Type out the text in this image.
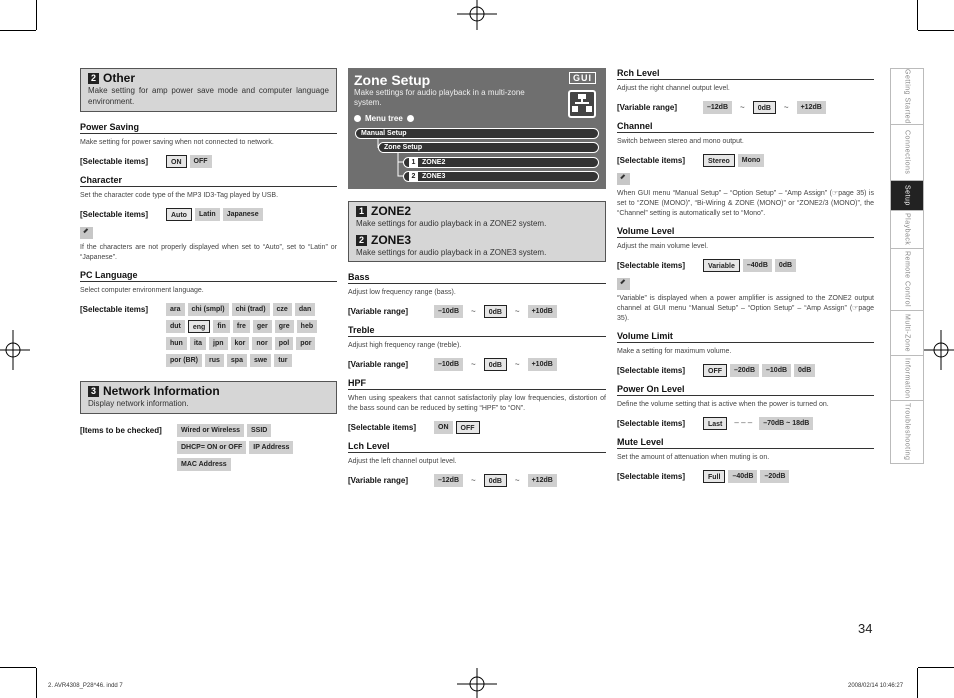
2 Other
Make setting for amp power save mode and computer language environment.
Power Saving
Make setting for power saving when not connected to network.
[Selectable items]	ON	OFF
Character
Set the character code type of the MP3 ID3-Tag played by USB.
[Selectable items]	Auto	Latin	Japanese
If the characters are not properly displayed when set to “Auto”, set to “Latin” or “Japanese”.
PC Language
Select computer environment language.
[Selectable items]	ara	chi (smpl)	chi (trad)	cze	dan
dut	eng	fin	fre	ger	gre	heb
hun	ita	jpn	kor	nor	pol	por
por (BR)	rus	spa	swe	tur
3 Network Information
Display network information.
[Items to be checked]	Wired or Wireless	SSID
DHCP= ON or OFF	IP Address
MAC Address
Zone Setup
Make settings for audio playback in a multi-zone system.
GUI
Menu tree
Manual Setup
Zone Setup
1 ZONE2
2 ZONE3
1 ZONE2
Make settings for audio playback in a ZONE2 system.
2 ZONE3
Make settings for audio playback in a ZONE3 system.
Bass
Adjust low frequency range (bass).
[Variable range]	–10dB	~	0dB	~	+10dB
Treble
Adjust high frequency range (treble).
[Variable range]	–10dB	~	0dB	~	+10dB
HPF
When using speakers that cannot satisfactorily play low frequencies, distortion of the bass sound can be reduced by setting “HPF” to “ON”.
[Selectable items]	ON	OFF
Lch Level
Adjust the left channel output level.
[Variable range]	–12dB	~	0dB	~	+12dB
Rch Level
Adjust the right channel output level.
[Variable range]	–12dB	~	0dB	~	+12dB
Channel
Switch between stereo and mono output.
[Selectable items]	Stereo	Mono
When GUI menu “Manual Setup” – “Option Setup” – “Amp Assign” (☞page 35) is set to “ZONE (MONO)”, “Bi-Wiring & ZONE (MONO)” or “ZONE2/3 (MONO)”, the “Channel” setting is automatically set to “Mono”.
Volume Level
Adjust the main volume level.
[Selectable items]	Variable	–40dB	0dB
“Variable” is displayed when a power amplifier is assigned to the ZONE2 output channel at GUI menu “Manual Setup” – “Option Setup” – “Amp Assign” (☞page 35).
Volume Limit
Make a setting for maximum volume.
[Selectable items]	OFF	–20dB	–10dB	0dB
Power On Level
Define the volume setting that is active when the power is turned on.
[Selectable items]	Last	– – –	–70dB ~ 18dB
Mute Level
Set the amount of attenuation when muting is on.
[Selectable items]	Full	–40dB	–20dB
Getting Started
Connections
Setup
Playback
Remote Control
Multi-Zone
Information
Troubleshooting
34
2. AVR4308_P28^46. indd 7	2008/02/14 10:46:27
